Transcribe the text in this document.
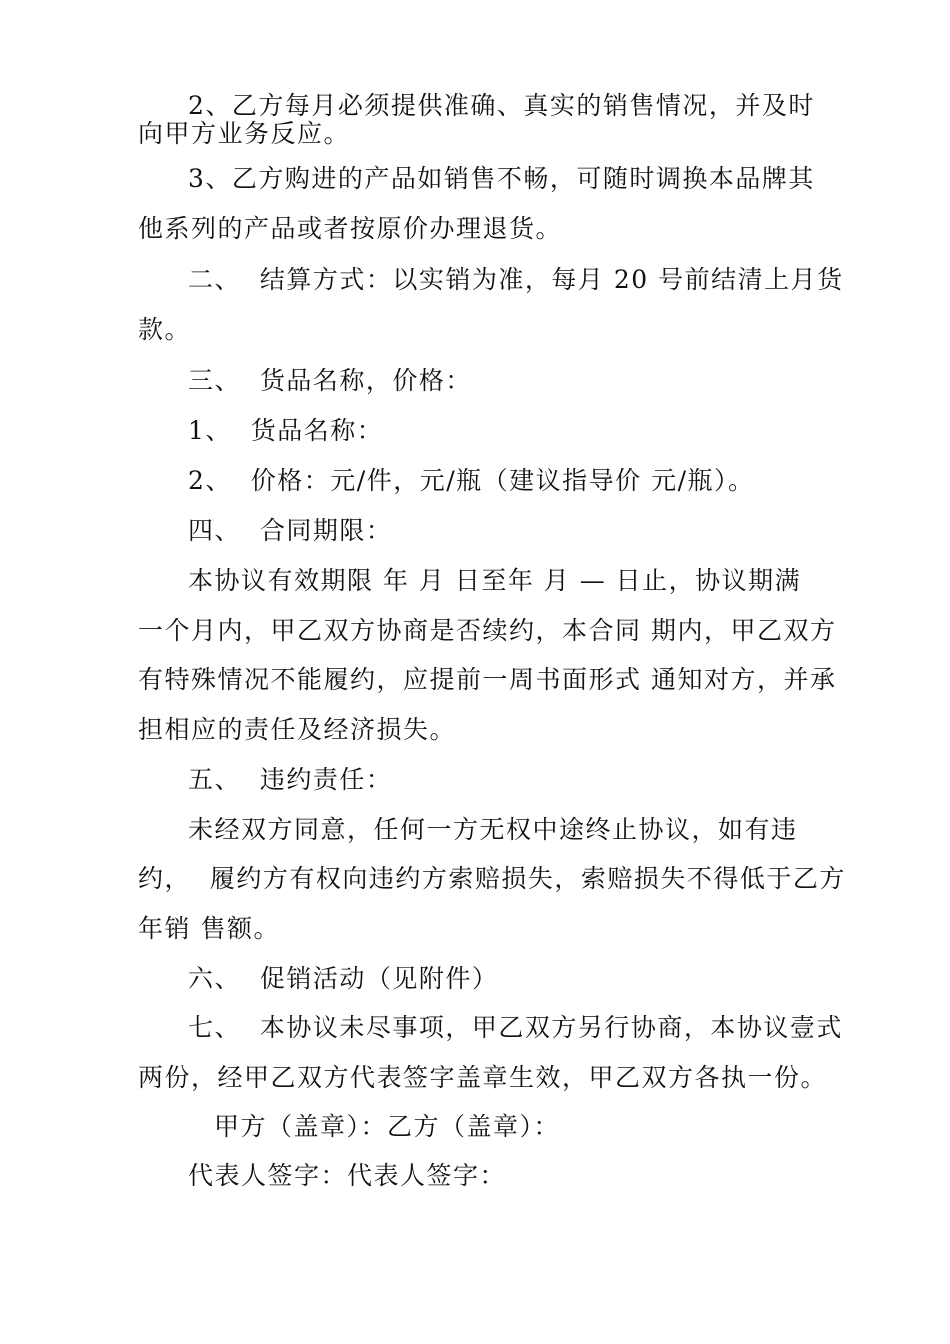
2、乙方每月必须提供准确、真实的销售情况，并及时
向甲方业务反应。
3、乙方购进的产品如销售不畅，可随时调换本品牌其
他系列的产品或者按原价办理退货。
二、  结算方式：以实销为准，每月 20 号前结清上月货
款。
三、  货品名称，价格：
1、  货品名称：
2、  价格：元/件，元/瓶（建议指导价 元/瓶）。
四、  合同期限：
本协议有效期限 年 月 日至年 月 — 日止，协议期满
一个月内，甲乙双方协商是否续约，本合同 期内，甲乙双方
有特殊情况不能履约，应提前一周书面形式 通知对方，并承
担相应的责任及经济损失。
五、  违约责任：
未经双方同意，任何一方无权中途终止协议，如有违
约，  履约方有权向违约方索赔损失，索赔损失不得低于乙方
年销 售额。
六、  促销活动（见附件）
七、  本协议未尽事项，甲乙双方另行协商，本协议壹式
两份，经甲乙双方代表签字盖章生效，甲乙双方各执一份。
甲方（盖章）：乙方（盖章）：
代表人签字：代表人签字：
